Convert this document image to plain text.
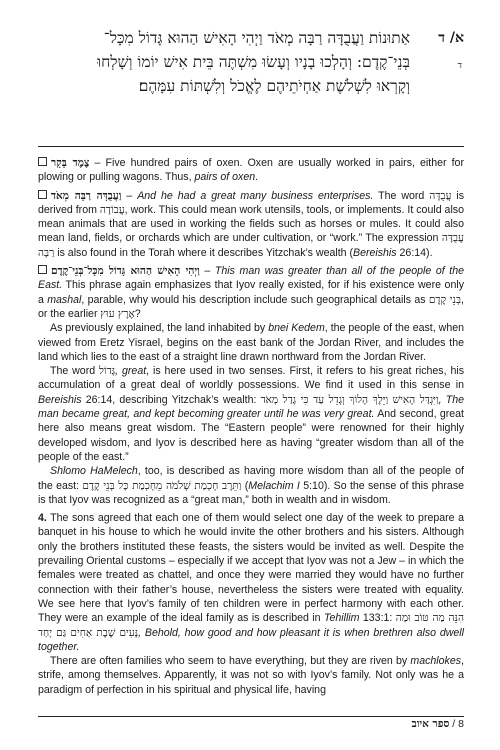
א/ ד
ד
אַתוּנוֹת וַעֲבֻדָּה רַבָּה מְאֹד וַיְהִי הָאִישׁ הַהוּא גָּדוֹל מִכָּל־
בְּנֵי־קֶדֶם: וְהָלְכוּ בָנָיו וְעָשׂוּ מִשְׁתֶּה בֵּית אִישׁ יוֹמוֹ וְשָׁלְחוּ
וְקָרְאוּ לִשְׁלֹשֶׁת אַחְיֹתֵיהֶם לֶאֱכֹל וְלִשְׁתּוֹת עִמָּהֶם׃

צֶמֶד בָּקָר – Five hundred pairs of oxen. Oxen are usually worked in pairs, either for plowing or pulling wagons. Thus, pairs of oxen.

וַעֲבֻדָּה רַבָּה מְאֹד – And he had a great many business enterprises. The word עֲבֻדָּה is derived from עֲבוֹדָה, work. This could mean work utensils, tools, or implements. It could also mean animals that are used in working the fields such as horses or mules. It could also mean land, fields, or orchards which are under cultivation, or “work.” The expression עֲבֻדָּה רַבָּה is also found in the Torah where it describes Yitzchak’s wealth (Bereishis 26:14).

וַיְהִי הָאִישׁ הַהוּא גָּדוֹל מִכָּל־בְּנֵי־קֶדֶם – This man was greater than all of the people of the East. This phrase again emphasizes that Iyov really existed, for if his existence were only a mashal, parable, why would his description include such geographical details as בְּנֵי קֶדֶם, or the earlier אֶרֶץ עוּץ?

As previously explained, the land inhabited by bnei Kedem, the people of the east, when viewed from Eretz Yisrael, begins on the east bank of the Jordan River, and includes the land which lies to the east of a straight line drawn northward from the Jordan River.

The word גָּדוֹל, great, is here used in two senses. First, it refers to his great riches, his accumulation of a great deal of worldly possessions. We find it used in this sense in Bereishis 26:14, describing Yitzchak’s wealth: וַיִּגְדַּל הָאִישׁ וַיֵּלֶךְ הָלוֹךְ וְגָדֵל עַד כִּי גָדַל מְאֹד, The man became great, and kept becoming greater until he was very great. And second, great here also means great wisdom. The “Eastern people” were renowned for their highly developed wisdom, and Iyov is described here as having “greater wisdom than all of the people of the east.”

Shlomo HaMelech, too, is described as having more wisdom than all of the people of the east: וַתֵּרֶב חָכְמַת שְׁלֹמֹה מֵחָכְמַת כָּל בְּנֵי קֶדֶם (Melachim I 5:10). So the sense of this phrase is that Iyov was recognized as a “great man,” both in wealth and in wisdom.

4. The sons agreed that each one of them would select one day of the week to prepare a banquet in his house to which he would invite the other brothers and his sisters. Although only the brothers instituted these feasts, the sisters would be invited as well. Despite the prevailing Oriental customs – especially if we accept that Iyov was not a Jew – in which the females were treated as chattel, and once they were married they would have no further connection with their father’s house, nevertheless the sisters were treated with equality. We see here that Iyov’s family of ten children were in perfect harmony with each other. They were an example of the ideal family as is described in Tehillim 133:1: הִנֵּה מַה טּוֹב וּמַה נָּעִים שֶׁבֶת אַחִים גַּם יָחַד, Behold, how good and how pleasant it is when brethren also dwell together.

There are often families who seem to have everything, but they are riven by machlokes, strife, among themselves. Apparently, it was not so with Iyov’s family. Not only was he a paradigm of perfection in his spiritual and physical life, having

ספר איוב / 8
